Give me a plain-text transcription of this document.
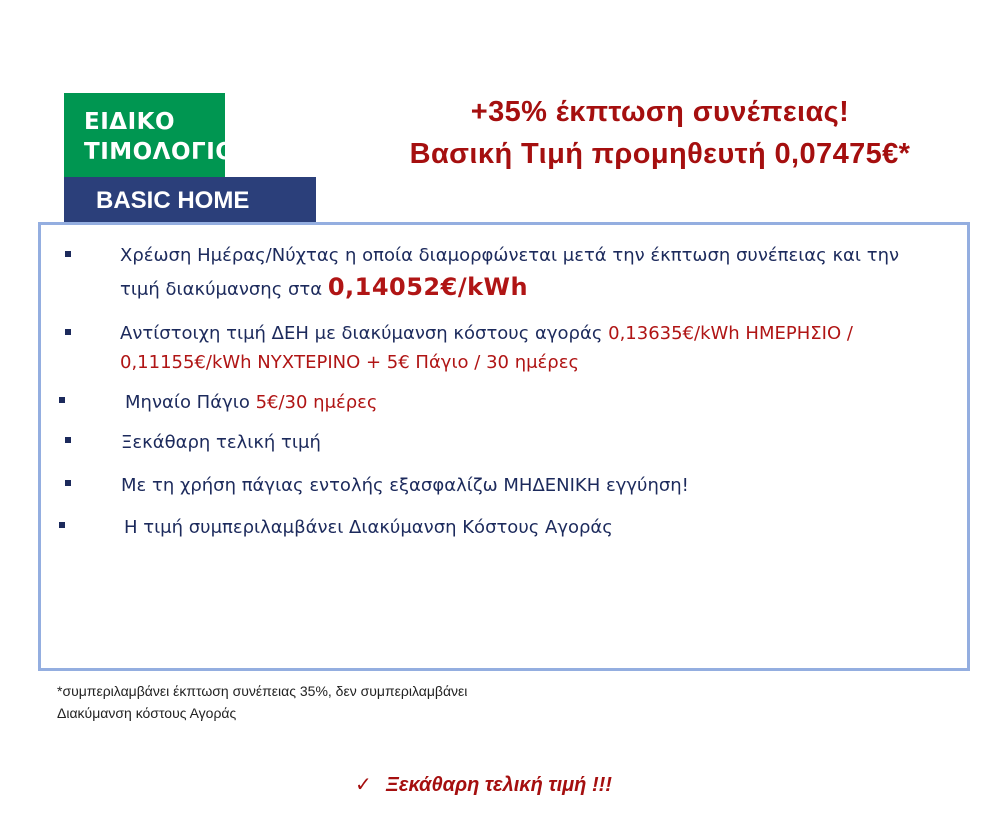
ΕΙΔΙΚΟ
ΤΙΜΟΛΟΓΙΟ
BASIC HOME
+35% έκπτωση συνέπειας!
Βασική Τιμή προμηθευτή 0,07475€*
Χρέωση Ημέρας/Νύχτας η οποία διαμορφώνεται μετά την έκπτωση συνέπειας και την
τιμή διακύμανσης στα 0,14052€/kWh
Αντίστοιχη τιμή ΔΕΗ με διακύμανση κόστους αγοράς 0,13635€/kWh ΗΜΕΡΗΣΙΟ /
0,11155€/kWh ΝΥΧΤΕΡΙΝΟ + 5€ Πάγιο / 30 ημέρες
Μηναίο Πάγιο 5€/30 ημέρες
Ξεκάθαρη τελική τιμή
Με τη χρήση πάγιας εντολής εξασφαλίζω ΜΗΔΕΝΙΚΗ εγγύηση!
Η τιμή συμπεριλαμβάνει Διακύμανση Κόστους Αγοράς
*συμπεριλαμβάνει έκπτωση συνέπειας 35%, δεν συμπεριλαμβάνει
Διακύμανση κόστους Αγοράς
✓ Ξεκάθαρη τελική τιμή !!!
